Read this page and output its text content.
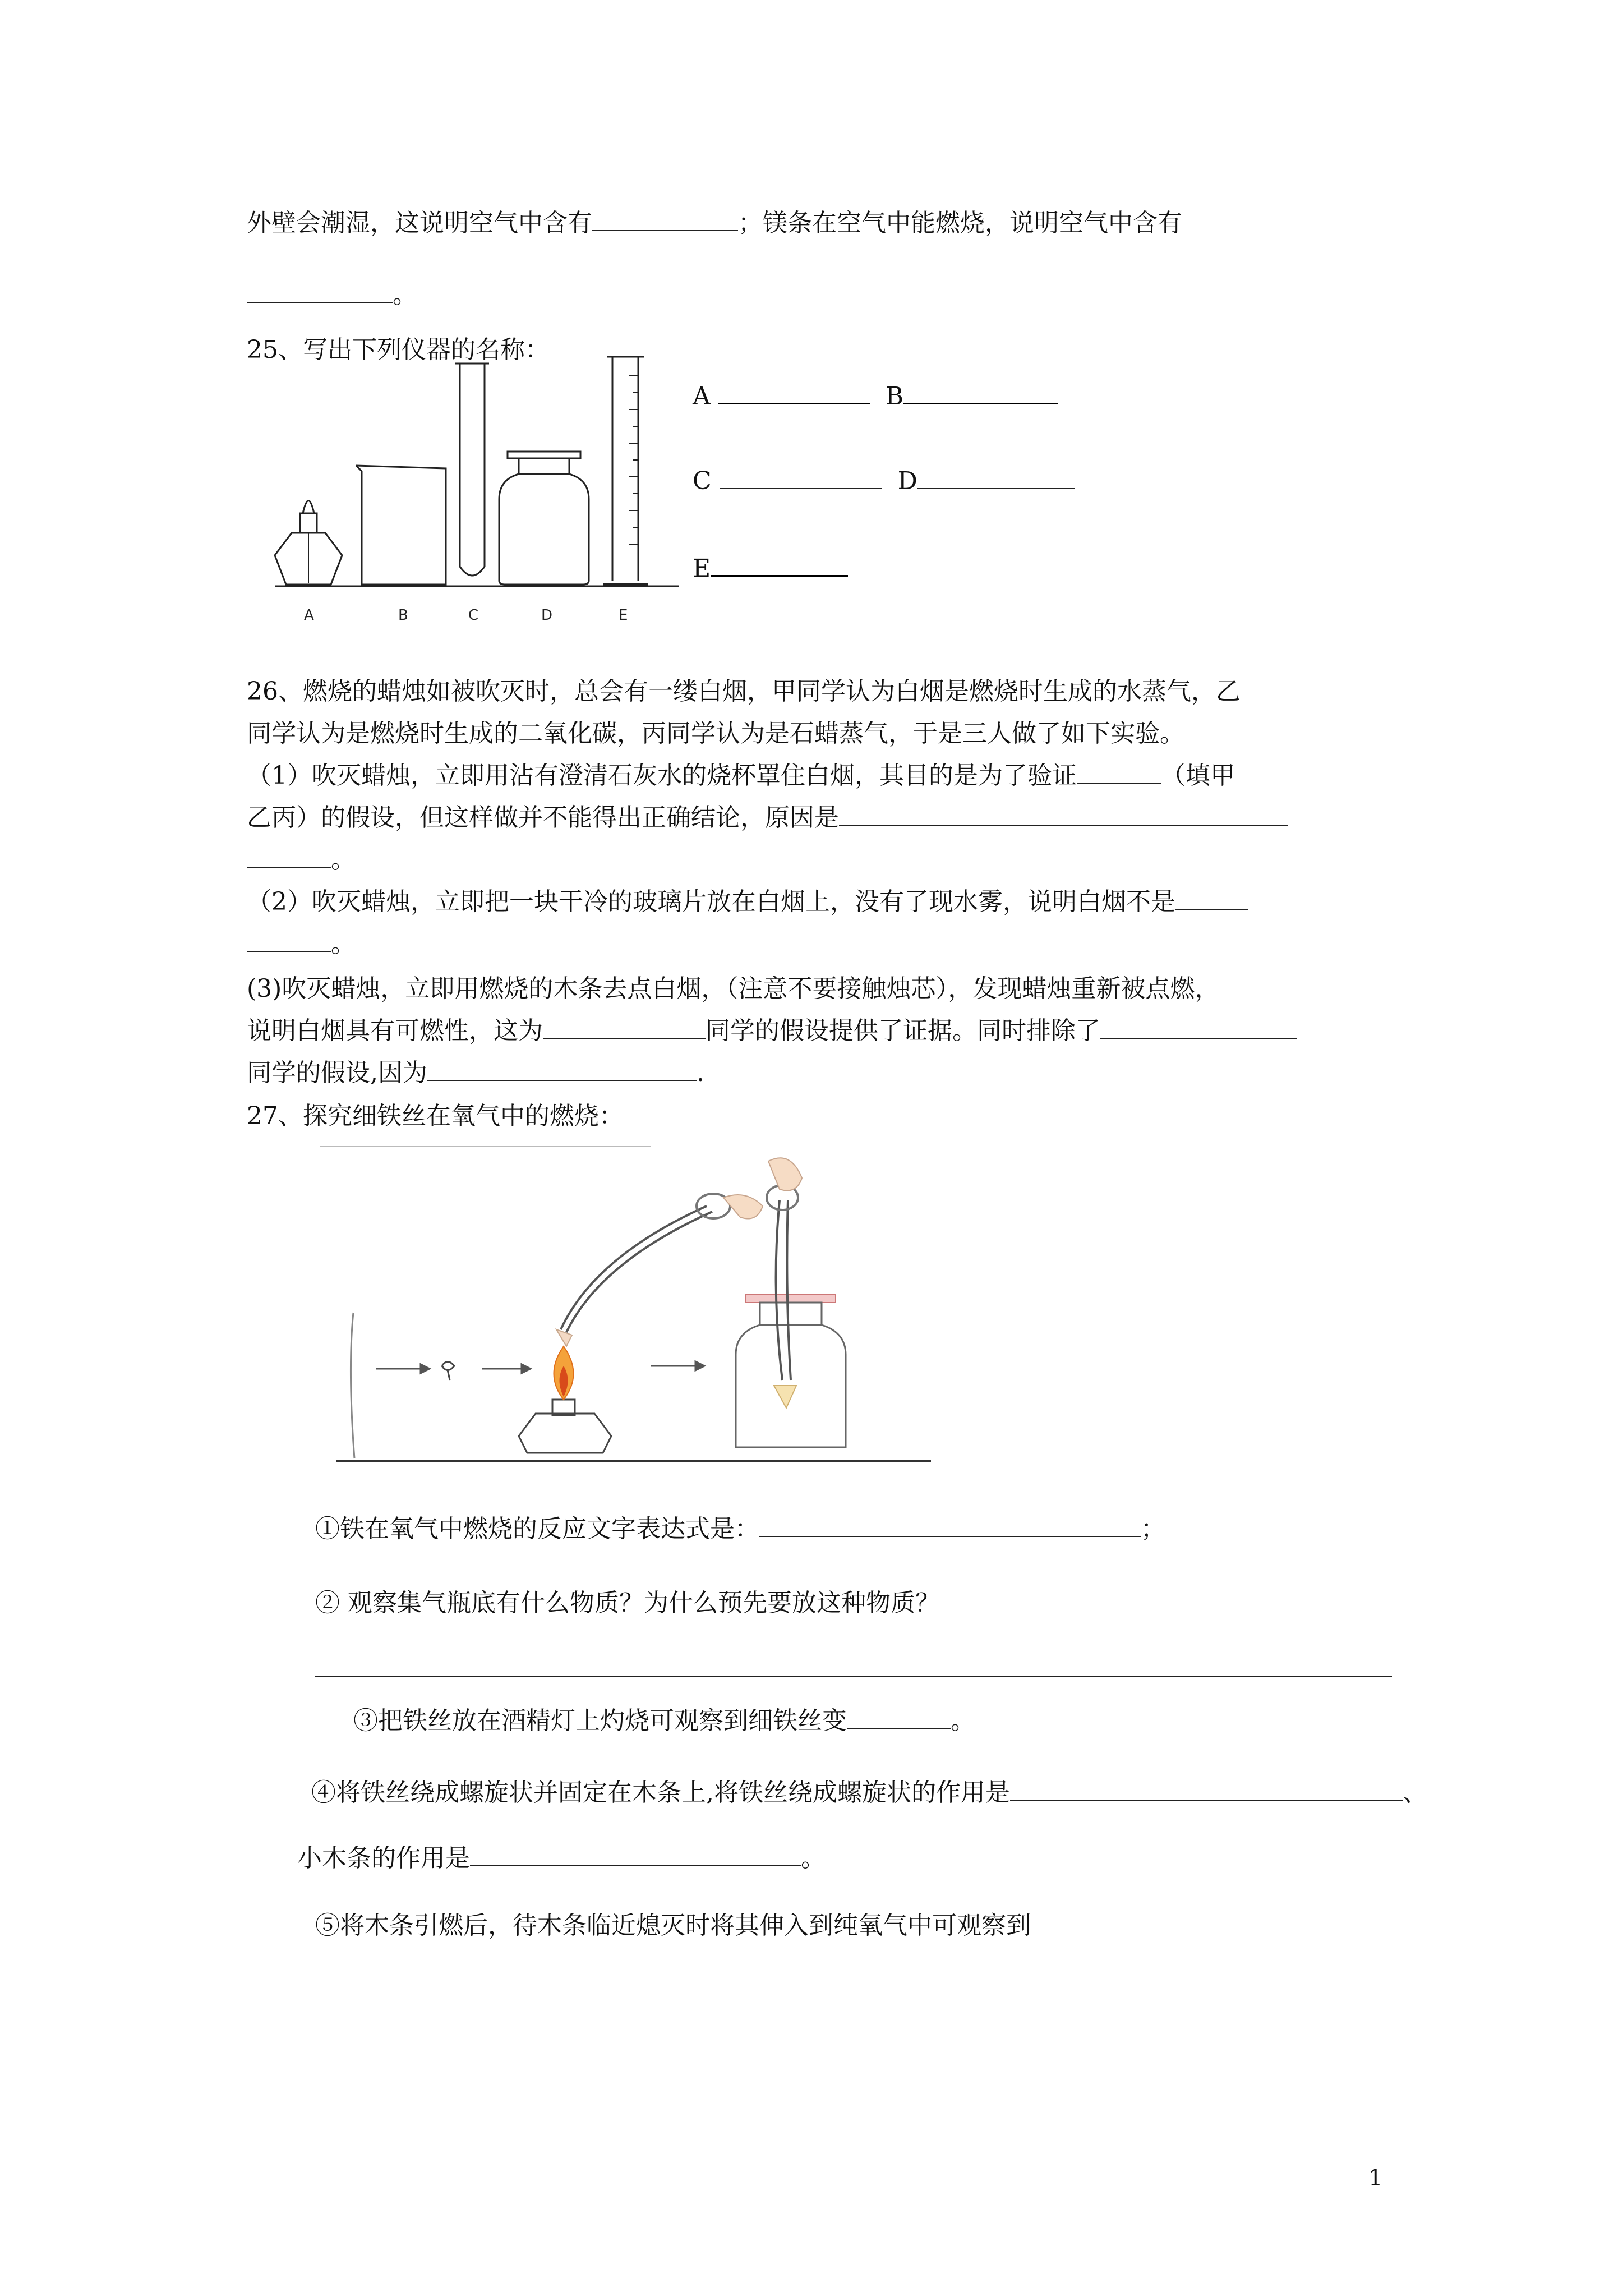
外壁会潮湿，这说明空气中含有	；镁条在空气中能燃烧，说明空气中含有
。
25、写出下列仪器的名称：
A	B	C	D	E
A	B
C	D
E
26、燃烧的蜡烛如被吹灭时，总会有一缕白烟，甲同学认为白烟是燃烧时生成的水蒸气，乙
同学认为是燃烧时生成的二氧化碳，丙同学认为是石蜡蒸气，于是三人做了如下实验。
（1）吹灭蜡烛，立即用沾有澄清石灰水的烧杯罩住白烟，其目的是为了验证	（填甲
乙丙）的假设，但这样做并不能得出正确结论，原因是
。
（2）吹灭蜡烛，立即把一块干冷的玻璃片放在白烟上，没有了现水雾，说明白烟不是
。
(3)吹灭蜡烛，立即用燃烧的木条去点白烟，（注意不要接触烛芯），发现蜡烛重新被点燃，
说明白烟具有可燃性，这为	同学的假设提供了证据。同时排除了
同学的假设,因为	.
27、探究细铁丝在氧气中的燃烧：
①铁在氧气中燃烧的反应文字表达式是：	；
② 观察集气瓶底有什么物质？为什么预先要放这种物质？
③把铁丝放在酒精灯上灼烧可观察到细铁丝变	。
④将铁丝绕成螺旋状并固定在木条上,将铁丝绕成螺旋状的作用是	、
小木条的作用是	。
⑤将木条引燃后，待木条临近熄灭时将其伸入到纯氧气中可观察到
1
